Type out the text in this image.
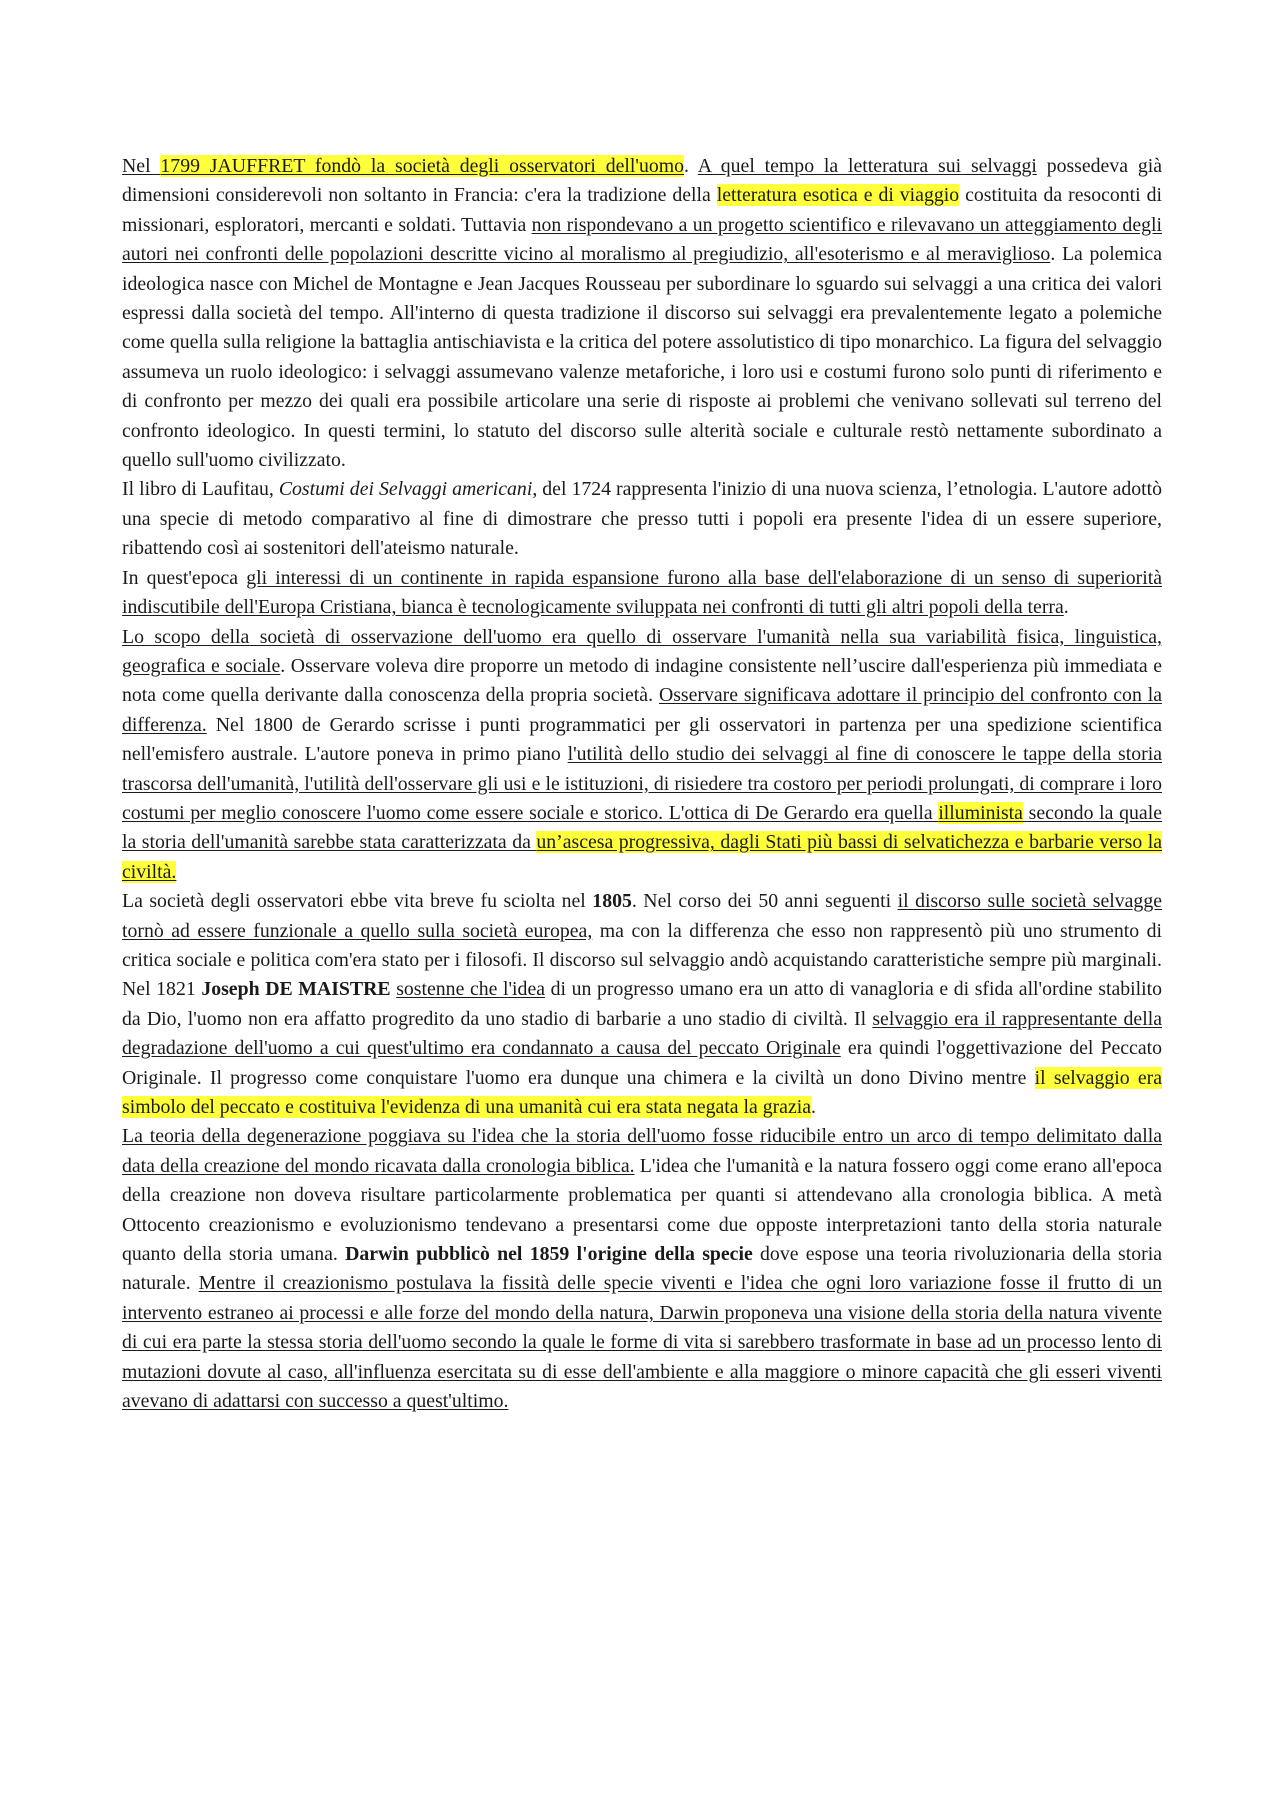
Nel 1799 JAUFFRET fondò la società degli osservatori dell'uomo. A quel tempo la letteratura sui selvaggi possedeva già dimensioni considerevoli non soltanto in Francia: c'era la tradizione della letteratura esotica e di viaggio costituita da resoconti di missionari, esploratori, mercanti e soldati. Tuttavia non rispondevano a un progetto scientifico e rilevavano un atteggiamento degli autori nei confronti delle popolazioni descritte vicino al moralismo al pregiudizio, all'esoterismo e al meraviglioso. La polemica ideologica nasce con Michel de Montagne e Jean Jacques Rousseau per subordinare lo sguardo sui selvaggi a una critica dei valori espressi dalla società del tempo. All'interno di questa tradizione il discorso sui selvaggi era prevalentemente legato a polemiche come quella sulla religione la battaglia antischiavista e la critica del potere assolutistico di tipo monarchico. La figura del selvaggio assumeva un ruolo ideologico: i selvaggi assumevano valenze metaforiche, i loro usi e costumi furono solo punti di riferimento e di confronto per mezzo dei quali era possibile articolare una serie di risposte ai problemi che venivano sollevati sul terreno del confronto ideologico. In questi termini, lo statuto del discorso sulle alterità sociale e culturale restò nettamente subordinato a quello sull'uomo civilizzato.

Il libro di Laufitau, Costumi dei Selvaggi americani, del 1724 rappresenta l'inizio di una nuova scienza, l’etnologia. L'autore adottò una specie di metodo comparativo al fine di dimostrare che presso tutti i popoli era presente l'idea di un essere superiore, ribattendo così ai sostenitori dell'ateismo naturale.

In quest'epoca gli interessi di un continente in rapida espansione furono alla base dell'elaborazione di un senso di superiorità indiscutibile dell'Europa Cristiana, bianca è tecnologicamente sviluppata nei confronti di tutti gli altri popoli della terra.

Lo scopo della società di osservazione dell'uomo era quello di osservare l'umanità nella sua variabilità fisica, linguistica, geografica e sociale. Osservare voleva dire proporre un metodo di indagine consistente nell’uscire dall'esperienza più immediata e nota come quella derivante dalla conoscenza della propria società. Osservare significava adottare il principio del confronto con la differenza. Nel 1800 de Gerardo scrisse i punti programmatici per gli osservatori in partenza per una spedizione scientifica nell'emisfero australe. L'autore poneva in primo piano l'utilità dello studio dei selvaggi al fine di conoscere le tappe della storia trascorsa dell'umanità, l'utilità dell'osservare gli usi e le istituzioni, di risiedere tra costoro per periodi prolungati, di comprare i loro costumi per meglio conoscere l'uomo come essere sociale e storico. L'ottica di De Gerardo era quella illuminista secondo la quale la storia dell'umanità sarebbe stata caratterizzata da un’ascesa progressiva, dagli Stati più bassi di selvatichezza e barbarie verso la civiltà.

La società degli osservatori ebbe vita breve fu sciolta nel 1805. Nel corso dei 50 anni seguenti il discorso sulle società selvagge tornò ad essere funzionale a quello sulla società europea, ma con la differenza che esso non rappresentò più uno strumento di critica sociale e politica com'era stato per i filosofi. Il discorso sul selvaggio andò acquistando caratteristiche sempre più marginali. Nel 1821 Joseph DE MAISTRE sostenne che l'idea di un progresso umano era un atto di vanagloria e di sfida all'ordine stabilito da Dio, l'uomo non era affatto progredito da uno stadio di barbarie a uno stadio di civiltà. Il selvaggio era il rappresentante della degradazione dell'uomo a cui quest'ultimo era condannato a causa del peccato Originale era quindi l'oggettivazione del Peccato Originale. Il progresso come conquistare l'uomo era dunque una chimera e la civiltà un dono Divino mentre il selvaggio era simbolo del peccato e costituiva l'evidenza di una umanità cui era stata negata la grazia.

La teoria della degenerazione poggiava su l'idea che la storia dell'uomo fosse riducibile entro un arco di tempo delimitato dalla data della creazione del mondo ricavata dalla cronologia biblica. L'idea che l'umanità e la natura fossero oggi come erano all'epoca della creazione non doveva risultare particolarmente problematica per quanti si attendevano alla cronologia biblica. A metà Ottocento creazionismo e evoluzionismo tendevano a presentarsi come due opposte interpretazioni tanto della storia naturale quanto della storia umana. Darwin pubblicò nel 1859 l'origine della specie dove espose una teoria rivoluzionaria della storia naturale. Mentre il creazionismo postulava la fissità delle specie viventi e l'idea che ogni loro variazione fosse il frutto di un intervento estraneo ai processi e alle forze del mondo della natura, Darwin proponeva una visione della storia della natura vivente di cui era parte la stessa storia dell'uomo secondo la quale le forme di vita si sarebbero trasformate in base ad un processo lento di mutazioni dovute al caso, all'influenza esercitata su di esse dell'ambiente e alla maggiore o minore capacità che gli esseri viventi avevano di adattarsi con successo a quest'ultimo.
